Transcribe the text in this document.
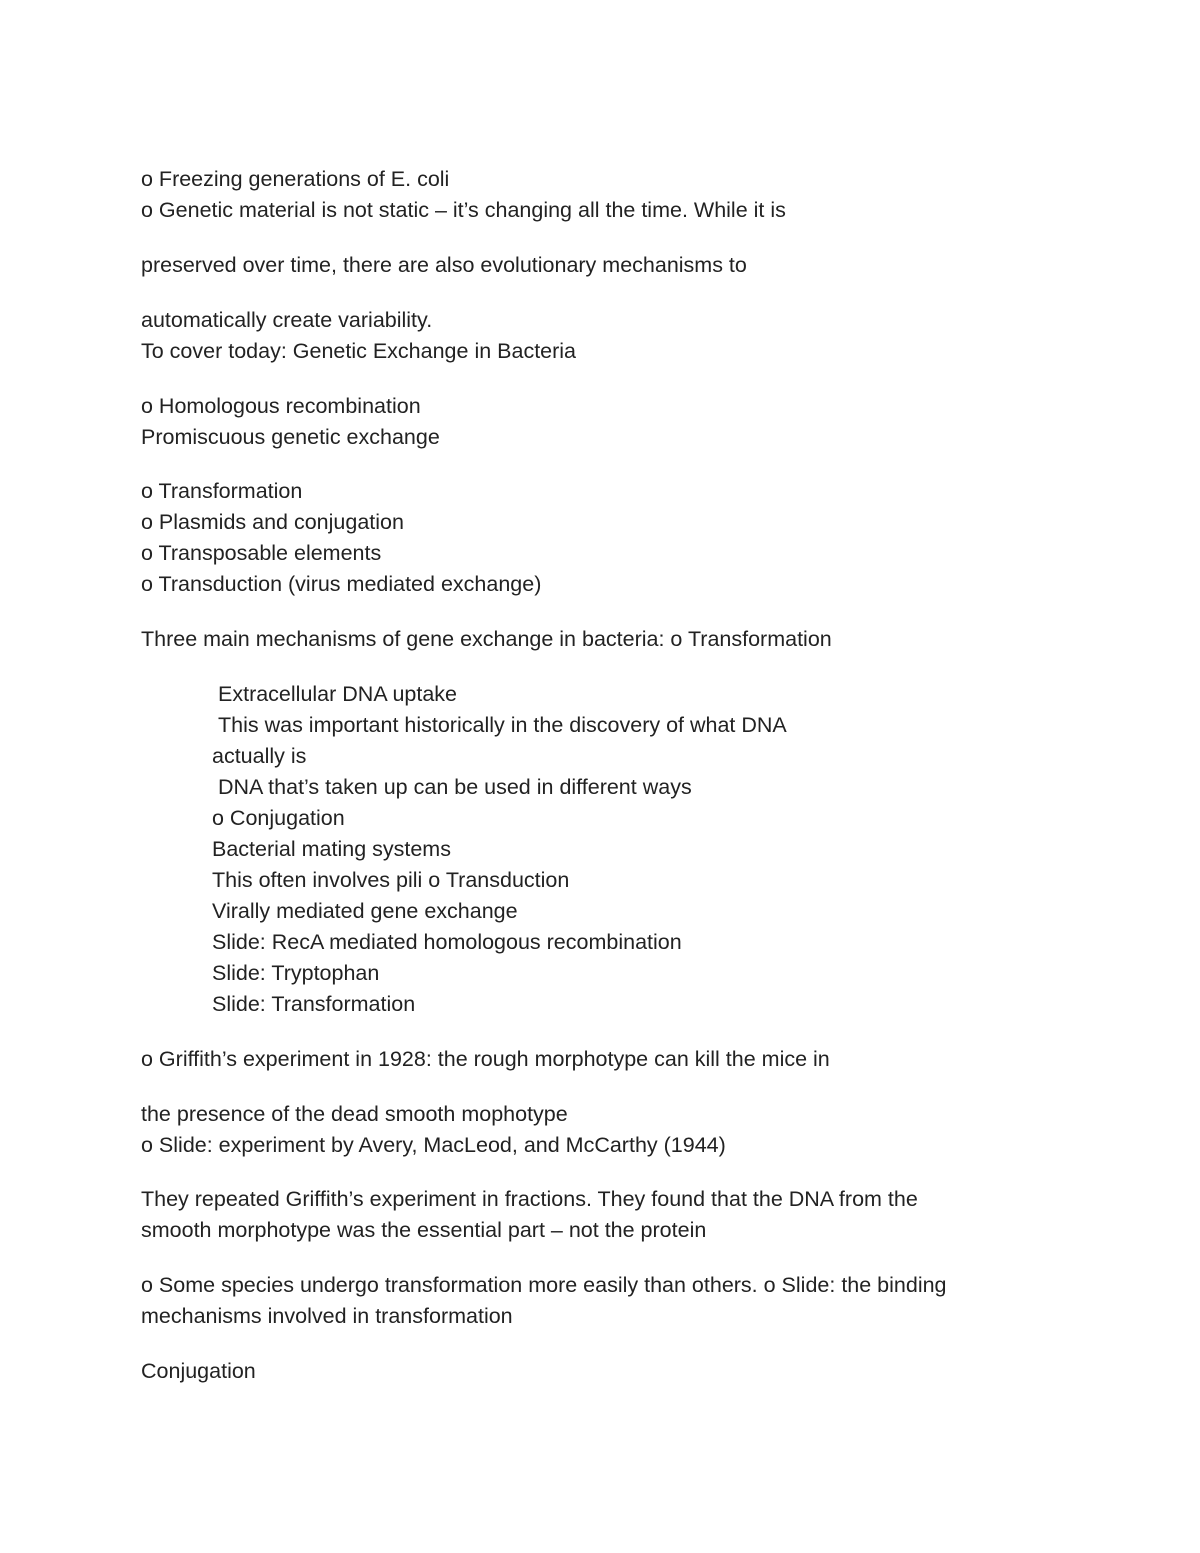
o Freezing generations of E. coli

o Genetic material is not static – it’s changing all the time. While it is

preserved over time, there are also evolutionary mechanisms to

automatically create variability.

To cover today: Genetic Exchange in Bacteria

o Homologous recombination

Promiscuous genetic exchange

o Transformation

o Plasmids and conjugation

o Transposable elements

o Transduction (virus mediated exchange)

Three main mechanisms of gene exchange in bacteria: o Transformation

Extracellular DNA uptake

This was important historically in the discovery of what DNA

actually is

DNA that’s taken up can be used in different ways

o Conjugation

Bacterial mating systems

This often involves pili o Transduction

Virally mediated gene exchange

Slide: RecA mediated homologous recombination

Slide: Tryptophan

Slide: Transformation

o Griffith’s experiment in 1928: the rough morphotype can kill the mice in

the presence of the dead smooth mophotype

o Slide: experiment by Avery, MacLeod, and McCarthy (1944)

They repeated Griffith’s experiment in fractions. They found that the DNA from the

smooth morphotype was the essential part – not the protein

o Some species undergo transformation more easily than others. o Slide: the binding

mechanisms involved in transformation

Conjugation
